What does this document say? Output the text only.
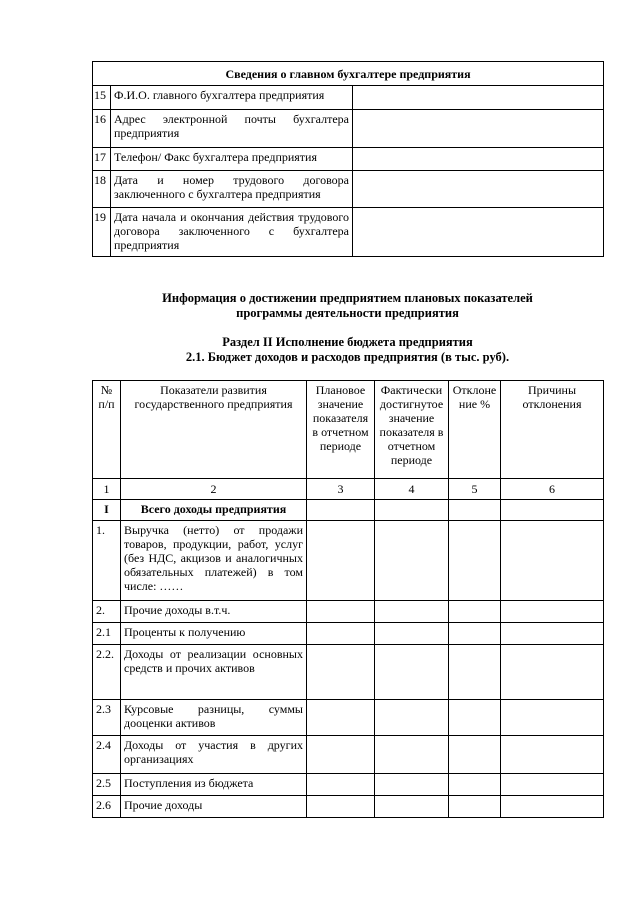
Сведения о главном бухгалтере предприятия		
15	Ф.И.О. главного бухгалтера предприятия	
16	Адрес электронной почты бухгалтера предприятия	
17	Телефон/ Факс бухгалтера предприятия	
18	Дата и номер трудового договора заключенного с бухгалтера предприятия	
19	Дата начала и окончания действия трудового договора заключенного с бухгалтера предприятия	
Информация о достижении предприятием плановых показателей
программы деятельности предприятия
Раздел II Исполнение бюджета предприятия
2.1. Бюджет доходов и расходов предприятия (в тыс. руб).
№ п/п	Показатели развития государственного предприятия	Плановое значение показателя в отчетном периоде	Фактически достигнутое значение показателя в отчетном периоде	Отклонение %	Причины отклонения
1	2	3	4	5	6
I	Всего доходы предприятия				
1.	Выручка (нетто) от продажи товаров, продукции, работ, услуг (без НДС, акцизов и аналогичных обязательных платежей) в том числе: ……				
2.	Прочие доходы в.т.ч.				
2.1	Проценты к получению				
2.2.	Доходы от реализации основных средств и прочих активов				
2.3	Курсовые разницы, суммы дооценки активов				
2.4	Доходы от участия в других организациях				
2.5	Поступления из бюджета				
2.6	Прочие доходы				
